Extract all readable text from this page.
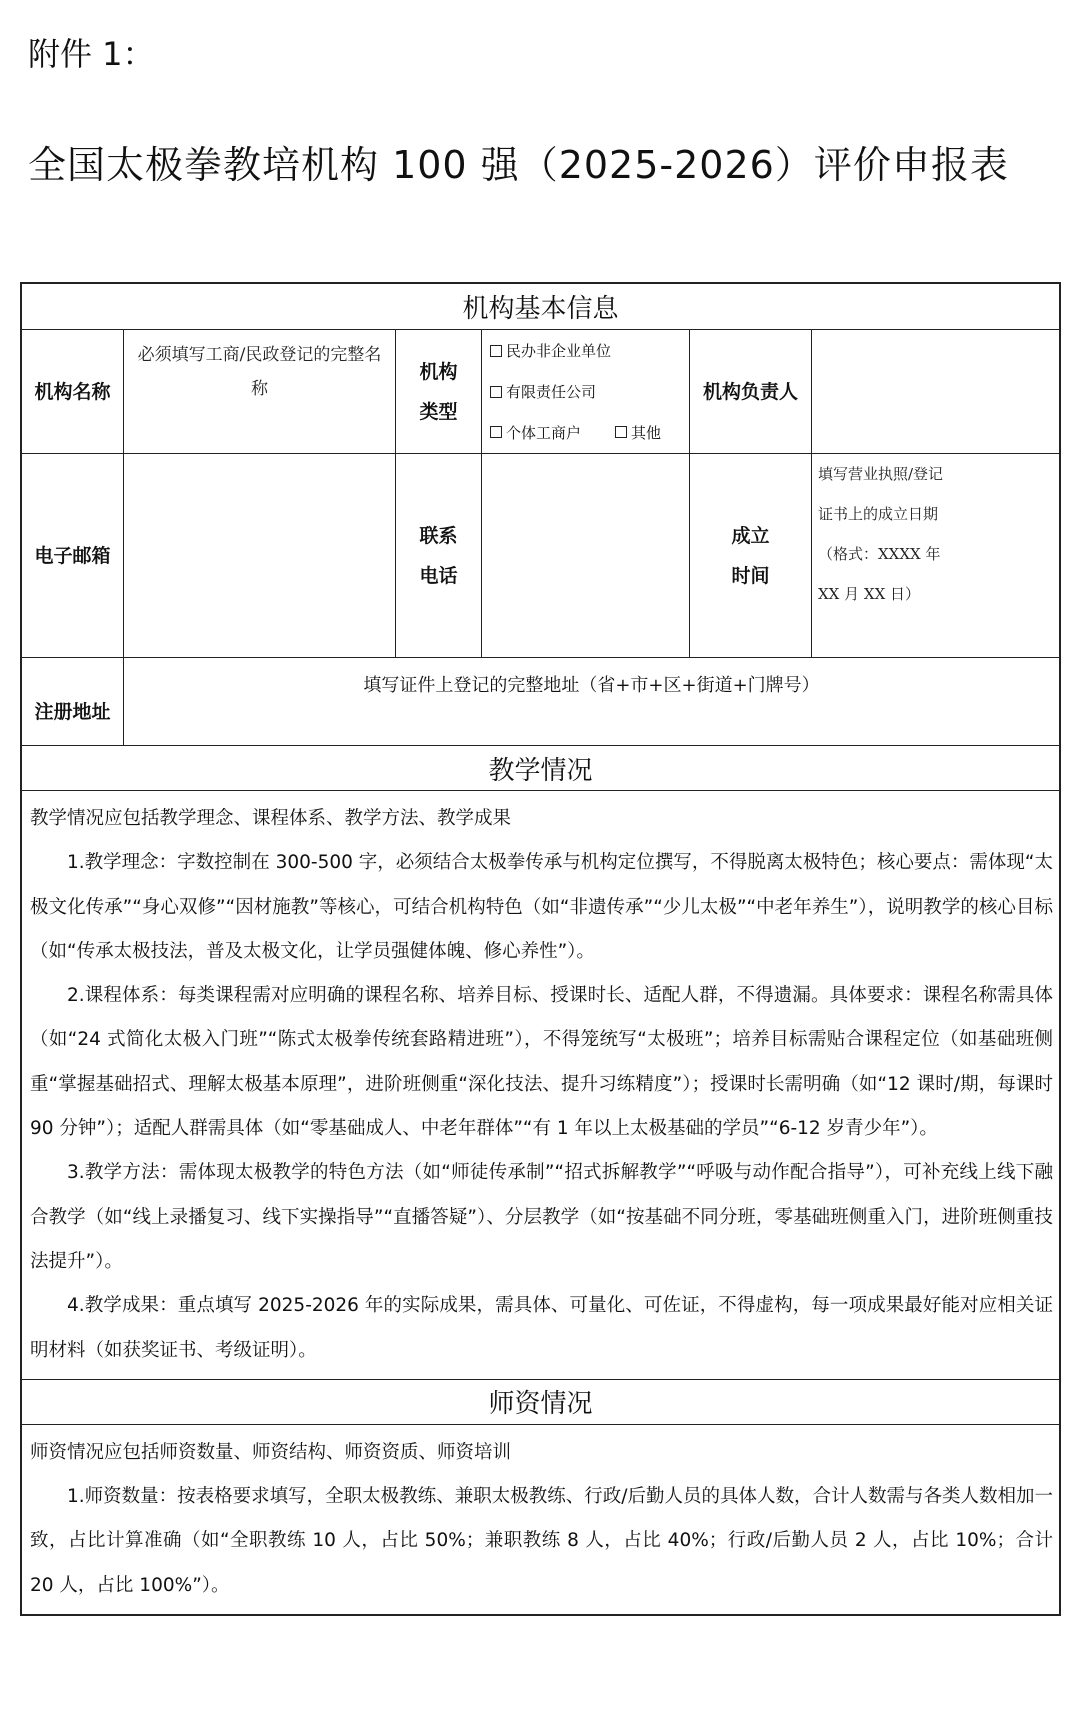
附件 1：
全国太极拳教培机构 100 强（2025-2026）评价申报表
机构基本信息
机构名称
必须填写工商/民政登记的完整名称
机构
类型
民办非企业单位
有限责任公司
个体工商户	其他
机构负责人
电子邮箱
联系
电话
成立
时间
填写营业执照/登记证书上的成立日期（格式：XXXX 年 XX 月 XX 日）
注册地址
填写证件上登记的完整地址（省+市+区+街道+门牌号）
教学情况

教学情况应包括教学理念、课程体系、教学方法、教学成果

1.教学理念：字数控制在 300-500 字，必须结合太极拳传承与机构定位撰写，不得脱离太极特色；核心要点：需体现“太极文化传承”“身心双修”“因材施教”等核心，可结合机构特色（如“非遗传承”“少儿太极”“中老年养生”），说明教学的核心目标（如“传承太极技法，普及太极文化，让学员强健体魄、修心养性”）。

2.课程体系：每类课程需对应明确的课程名称、培养目标、授课时长、适配人群，不得遗漏。具体要求：课程名称需具体（如“24 式简化太极入门班”“陈式太极拳传统套路精进班”），不得笼统写“太极班”；培养目标需贴合课程定位（如基础班侧重“掌握基础招式、理解太极基本原理”，进阶班侧重“深化技法、提升习练精度”）；授课时长需明确（如“12 课时/期，每课时 90 分钟”）；适配人群需具体（如“零基础成人、中老年群体”“有 1 年以上太极基础的学员”“6-12 岁青少年”）。

3.教学方法：需体现太极教学的特色方法（如“师徒传承制”“招式拆解教学”“呼吸与动作配合指导”），可补充线上线下融合教学（如“线上录播复习、线下实操指导”“直播答疑”）、分层教学（如“按基础不同分班，零基础班侧重入门，进阶班侧重技法提升”）。

4.教学成果：重点填写 2025-2026 年的实际成果，需具体、可量化、可佐证，不得虚构，每一项成果最好能对应相关证明材料（如获奖证书、考级证明）。

师资情况

师资情况应包括师资数量、师资结构、师资资质、师资培训

1.师资数量：按表格要求填写，全职太极教练、兼职太极教练、行政/后勤人员的具体人数，合计人数需与各类人数相加一致，占比计算准确（如“全职教练 10 人，占比 50%；兼职教练 8 人，占比 40%；行政/后勤人员 2 人，占比 10%；合计 20 人，占比 100%”）。
